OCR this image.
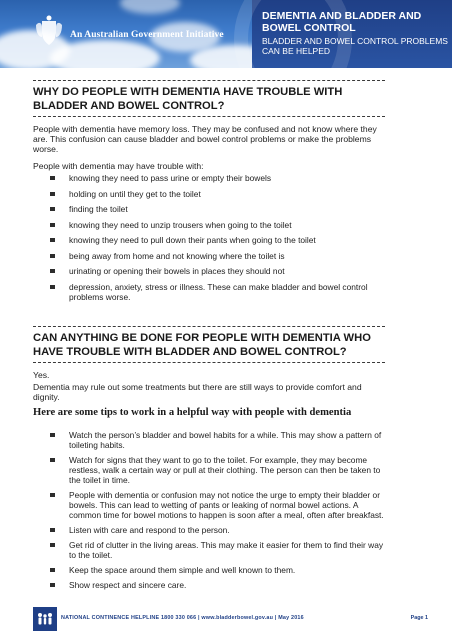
An Australian Government Initiative
DEMENTIA AND BLADDER AND BOWEL CONTROL
BLADDER AND BOWEL CONTROL PROBLEMS CAN BE HELPED
WHY DO PEOPLE WITH DEMENTIA HAVE TROUBLE WITH BLADDER AND BOWEL CONTROL?

People with dementia have memory loss. They may be confused and not know where they are. This confusion can cause bladder and bowel control problems or make the problems worse.

People with dementia may have trouble with:

knowing they need to pass urine or empty their bowels
holding on until they get to the toilet
finding the toilet
knowing they need to unzip trousers when going to the toilet
knowing they need to pull down their pants when going to the toilet
being away from home and not knowing where the toilet is
urinating or opening their bowels in places they should not
depression, anxiety, stress or illness. These can make bladder and bowel control problems worse.
CAN ANYTHING BE DONE FOR PEOPLE WITH DEMENTIA WHO HAVE TROUBLE WITH BLADDER AND BOWEL CONTROL?

Yes.

Dementia may rule out some treatments but there are still ways to provide comfort and dignity.

Here are some tips to work in a helpful way with people with dementia
Watch the person’s bladder and bowel habits for a while. This may show a pattern of toileting habits.
Watch for signs that they want to go to the toilet. For example, they may become restless, walk a certain way or pull at their clothing. The person can then be taken to the toilet in time.
People with dementia or confusion may not notice the urge to empty their bladder or bowels. This can lead to wetting of pants or leaking of normal bowel actions. A common time for bowel motions to happen is soon after a meal, often after breakfast.
Listen with care and respond to the person.
Get rid of clutter in the living areas. This may make it easier for them to find their way to the toilet.
Keep the space around them simple and well known to them.
Show respect and sincere care.
NATIONAL CONTINENCE HELPLINE 1800 330 066 | www.bladderbowel.gov.au | May 2016	Page 1
